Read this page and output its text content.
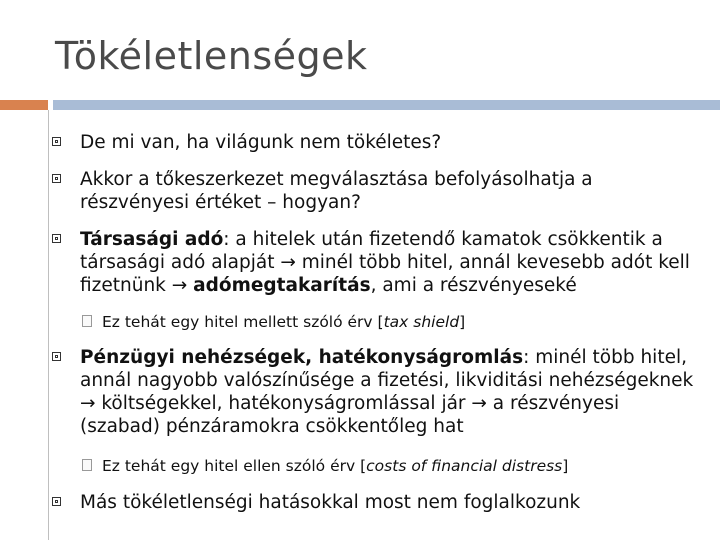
Tökéletlenségek
De mi van, ha világunk nem tökéletes?
Akkor a tőkeszerkezet megválasztása befolyásolhatja a részvényesi értéket – hogyan?
Társasági adó: a hitelek után fizetendő kamatok csökkentik a társasági adó alapját → minél több hitel, annál kevesebb adót kell fizetnünk → adómegtakarítás, ami a részvényeseké
Ez tehát egy hitel mellett szóló érv [tax shield]
Pénzügyi nehézségek, hatékonyságromlás: minél több hitel, annál nagyobb valószínűsége a fizetési, likviditási nehézségeknek → költségekkel, hatékonyságromlással jár → a részvényesi (szabad) pénzáramokra csökkentőleg hat
Ez tehát egy hitel ellen szóló érv [costs of financial distress]
Más tökéletlenségi hatásokkal most nem foglalkozunk
